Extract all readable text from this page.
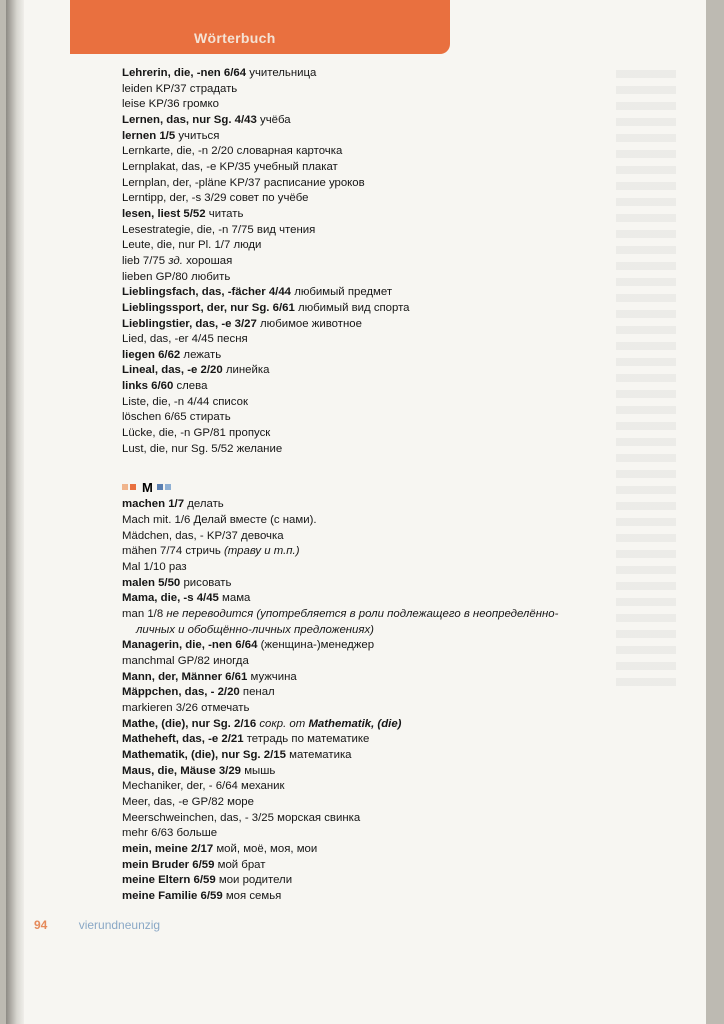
Wörterbuch
Lehrerin, die, -nen 6/64 учительница
leiden KP/37 страдать
leise KP/36 громко
Lernen, das, nur Sg. 4/43 учёба
lernen 1/5 учиться
Lernkarte, die, -n 2/20 словарная карточка
Lernplakat, das, -e KP/35 учебный плакат
Lernplan, der, -pläne KP/37 расписание уроков
Lerntipp, der, -s 3/29 совет по учёбе
lesen, liest 5/52 читать
Lesestrategie, die, -n 7/75 вид чтения
Leute, die, nur Pl. 1/7 люди
lieb 7/75 зд. хорошая
lieben GP/80 любить
Lieblingsfach, das, -fächer 4/44 любимый предмет
Lieblingssport, der, nur Sg. 6/61 любимый вид спорта
Lieblingstier, das, -e 3/27 любимое животное
Lied, das, -er 4/45 песня
liegen 6/62 лежать
Lineal, das, -e 2/20 линейка
links 6/60 слева
Liste, die, -n 4/44 список
löschen 6/65 стирать
Lücke, die, -n GP/81 пропуск
Lust, die, nur Sg. 5/52 желание
M
machen 1/7 делать
Mach mit. 1/6 Делай вместе (с нами).
Mädchen, das, - KP/37 девочка
mähen 7/74 стричь (траву и т.п.)
Mal 1/10 раз
malen 5/50 рисовать
Mama, die, -s 4/45 мама
man 1/8 не переводится (употребляется в роли подлежащего в неопределённо-
личных и обобщённо-личных предложениях)
Managerin, die, -nen 6/64 (женщина-)менеджер
manchmal GP/82 иногда
Mann, der, Männer 6/61 мужчина
Mäppchen, das, - 2/20 пенал
markieren 3/26 отмечать
Mathe, (die), nur Sg. 2/16 сокр. от Mathematik, (die)
Matheheft, das, -e 2/21 тетрадь по математике
Mathematik, (die), nur Sg. 2/15 математика
Maus, die, Mäuse 3/29 мышь
Mechaniker, der, - 6/64 механик
Meer, das, -e GP/82 море
Meerschweinchen, das, - 3/25 морская свинка
mehr 6/63 больше
mein, meine 2/17 мой, моё, моя, мои
mein Bruder 6/59 мой брат
meine Eltern 6/59 мои родители
meine Familie 6/59 моя семья
94	vierundneunzig
